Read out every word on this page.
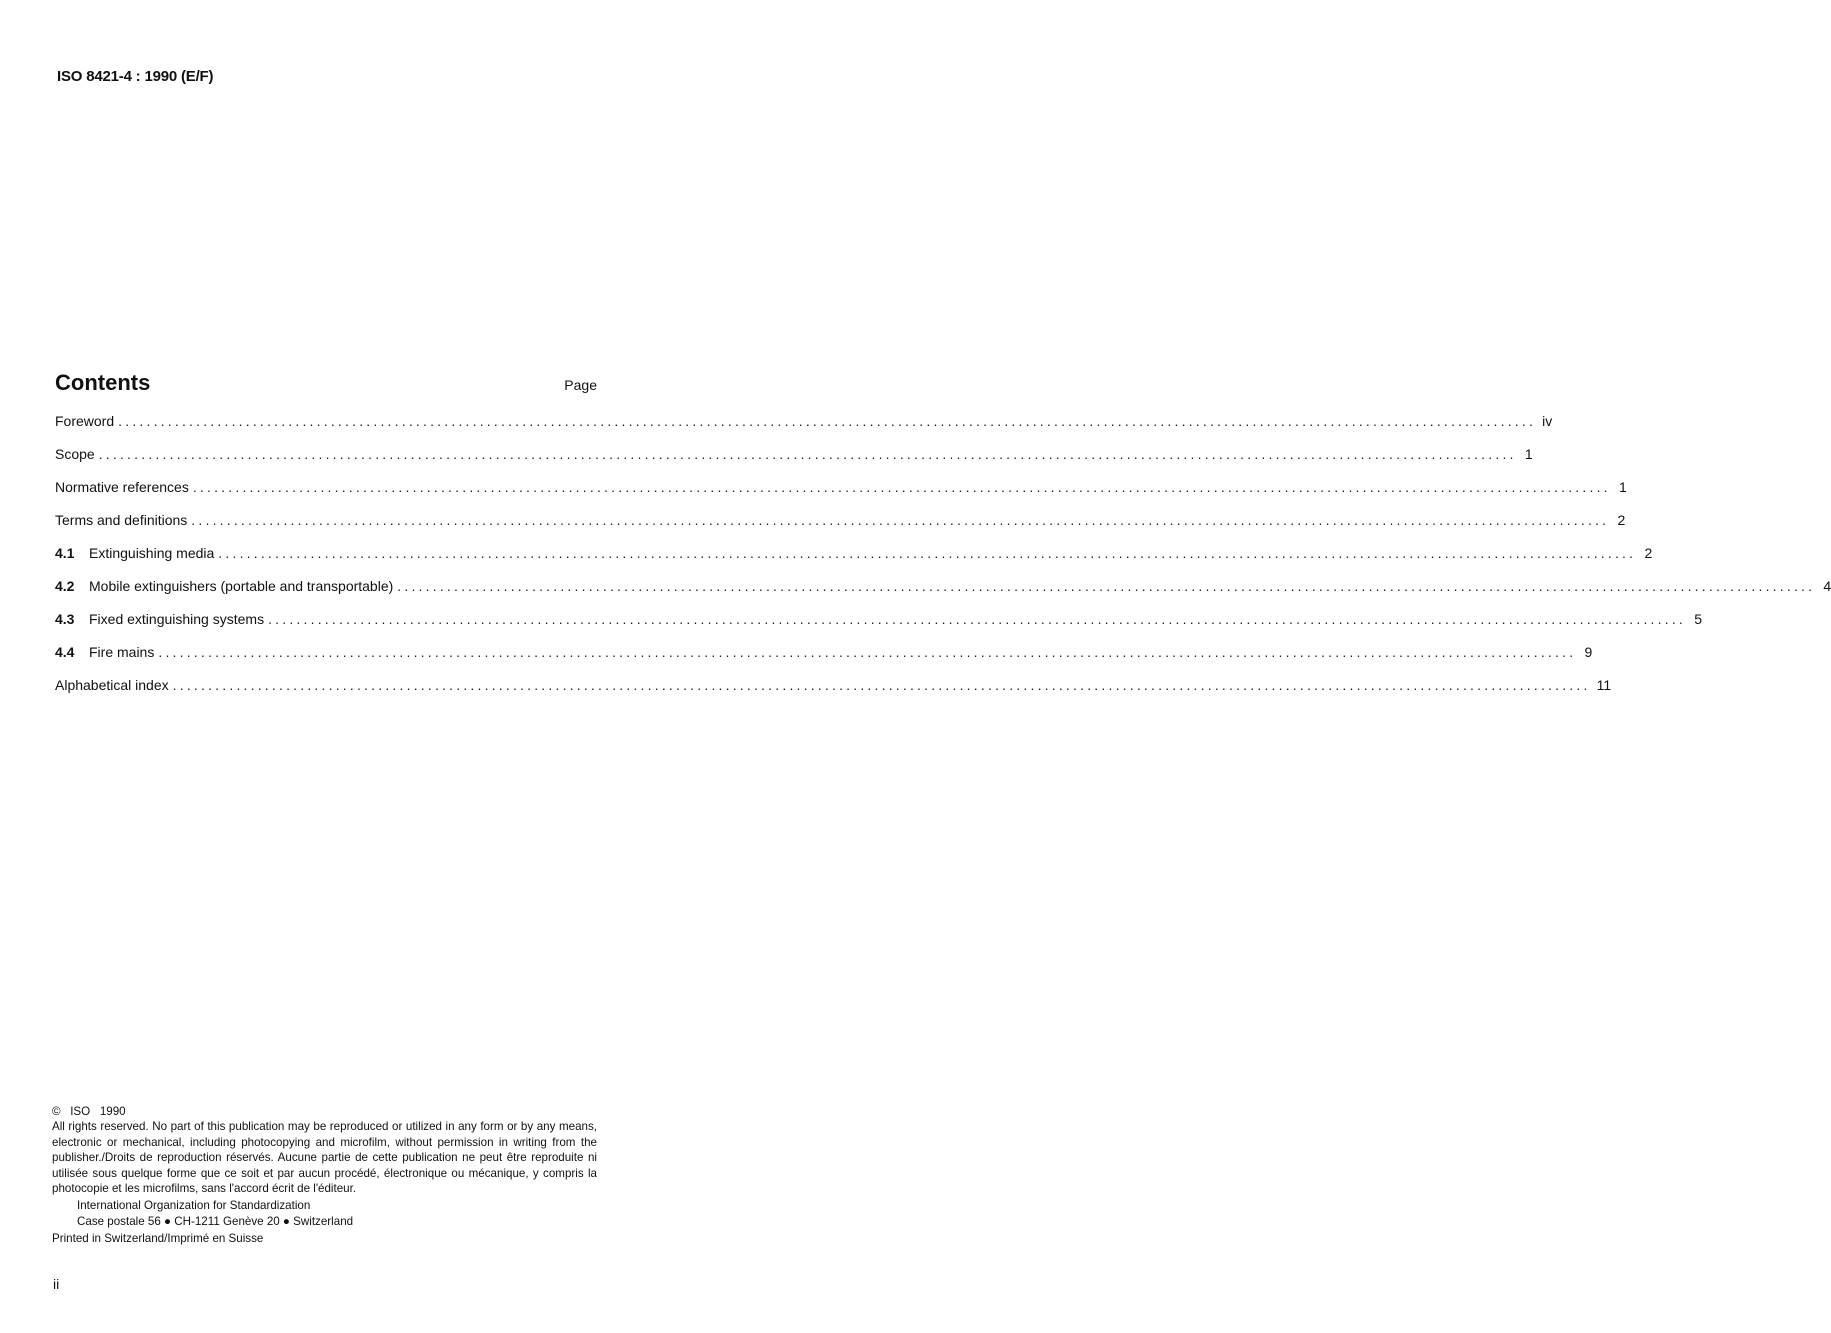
ISO 8421-4 : 1990 (E/F)
Contents	Page
Foreword ........................................................................................................................................................................................................ iv
Scope ........................................................................................................................................................................................................ 1
Normative references ........................................................................................................................................................................................................ 1
Terms and definitions ........................................................................................................................................................................................................ 2
4.1	Extinguishing media ........................................................................................................................................................................................................ 2
4.2	Mobile extinguishers (portable and transportable) ........................................................................................................................................................................................................ 4
4.3	Fixed extinguishing systems ........................................................................................................................................................................................................ 5
4.4	Fire mains ........................................................................................................................................................................................................ 9
Alphabetical index ........................................................................................................................................................................................................ 11

©   ISO   1990

All rights reserved. No part of this publication may be reproduced or utilized in any form or by any means, electronic or mechanical, including photocopying and microfilm, without permission in writing from the publisher./Droits de reproduction réservés. Aucune partie de cette publication ne peut être reproduite ni utilisée sous quelque forme que ce soit et par aucun procédé, électronique ou mécanique, y compris la photocopie et les microfilms, sans l'accord écrit de l'éditeur.

International Organization for Standardization

Case postale 56 ● CH-1211 Genève 20 ● Switzerland

Printed in Switzerland/Imprimé en Suisse

ii
